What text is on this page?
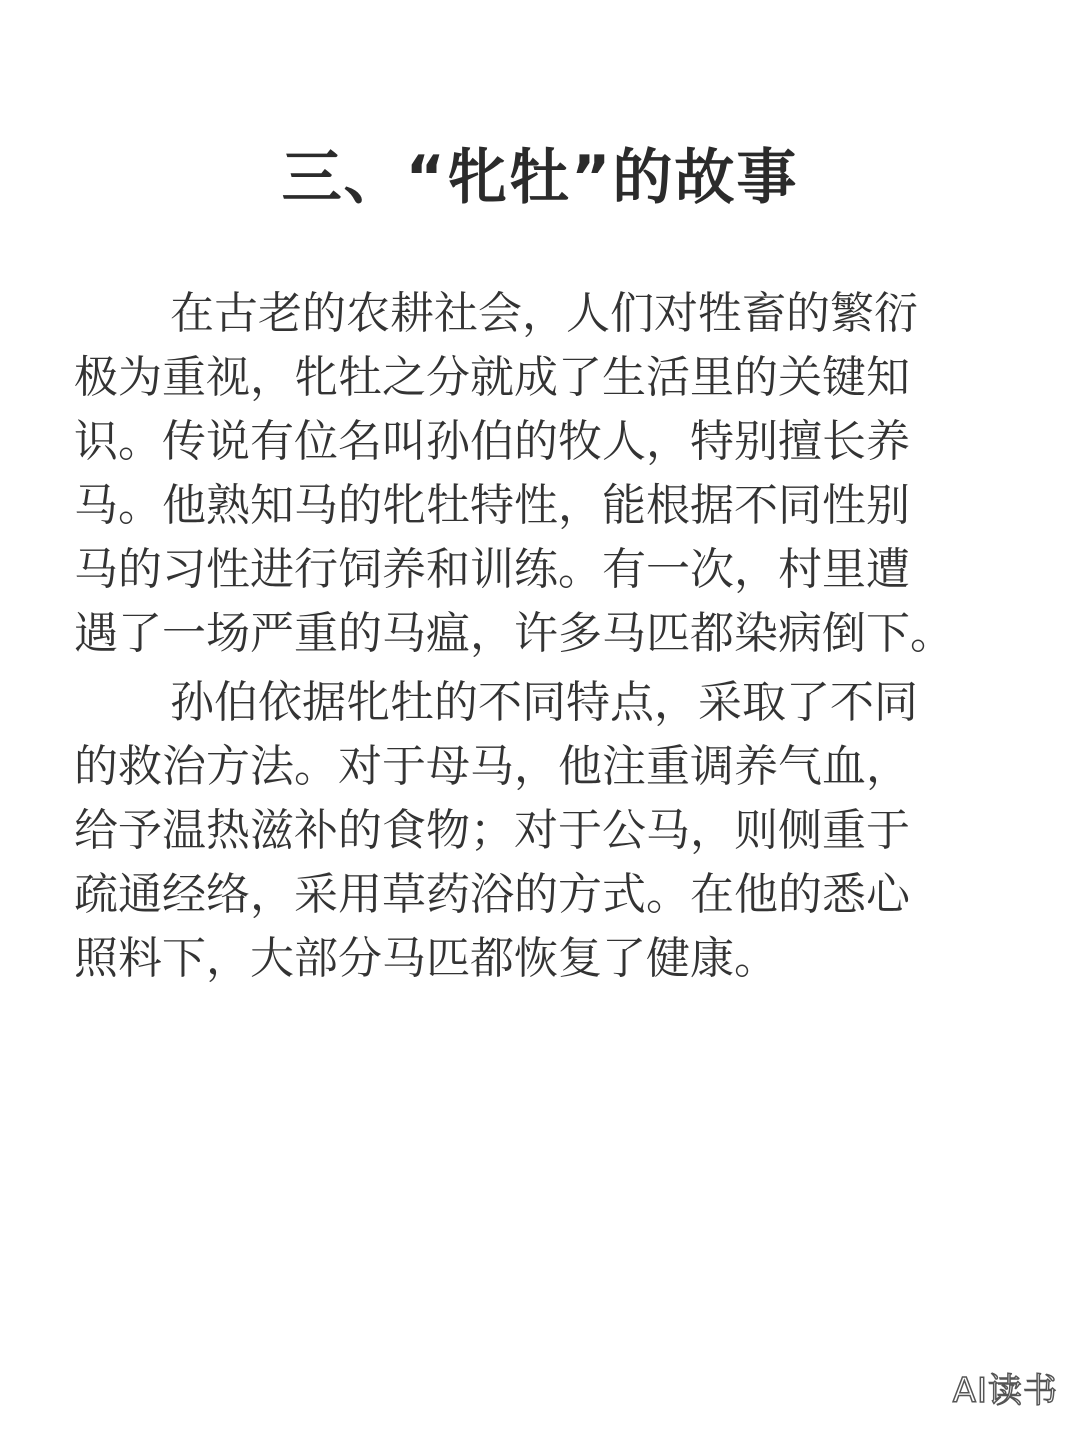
三、“牝牡”的故事

在古老的农耕社会，人们对牲畜的繁衍
极为重视，牝牡之分就成了生活里的关键知
识。传说有位名叫孙伯的牧人，特别擅长养
马。他熟知马的牝牡特性，能根据不同性别
马的习性进行饲养和训练。有一次，村里遭
遇了一场严重的马瘟，许多马匹都染病倒下。

孙伯依据牝牡的不同特点，采取了不同
的救治方法。对于母马，他注重调养气血，
给予温热滋补的食物；对于公马，则侧重于
疏通经络，采用草药浴的方式。在他的悉心
照料下，大部分马匹都恢复了健康。

AI读书
